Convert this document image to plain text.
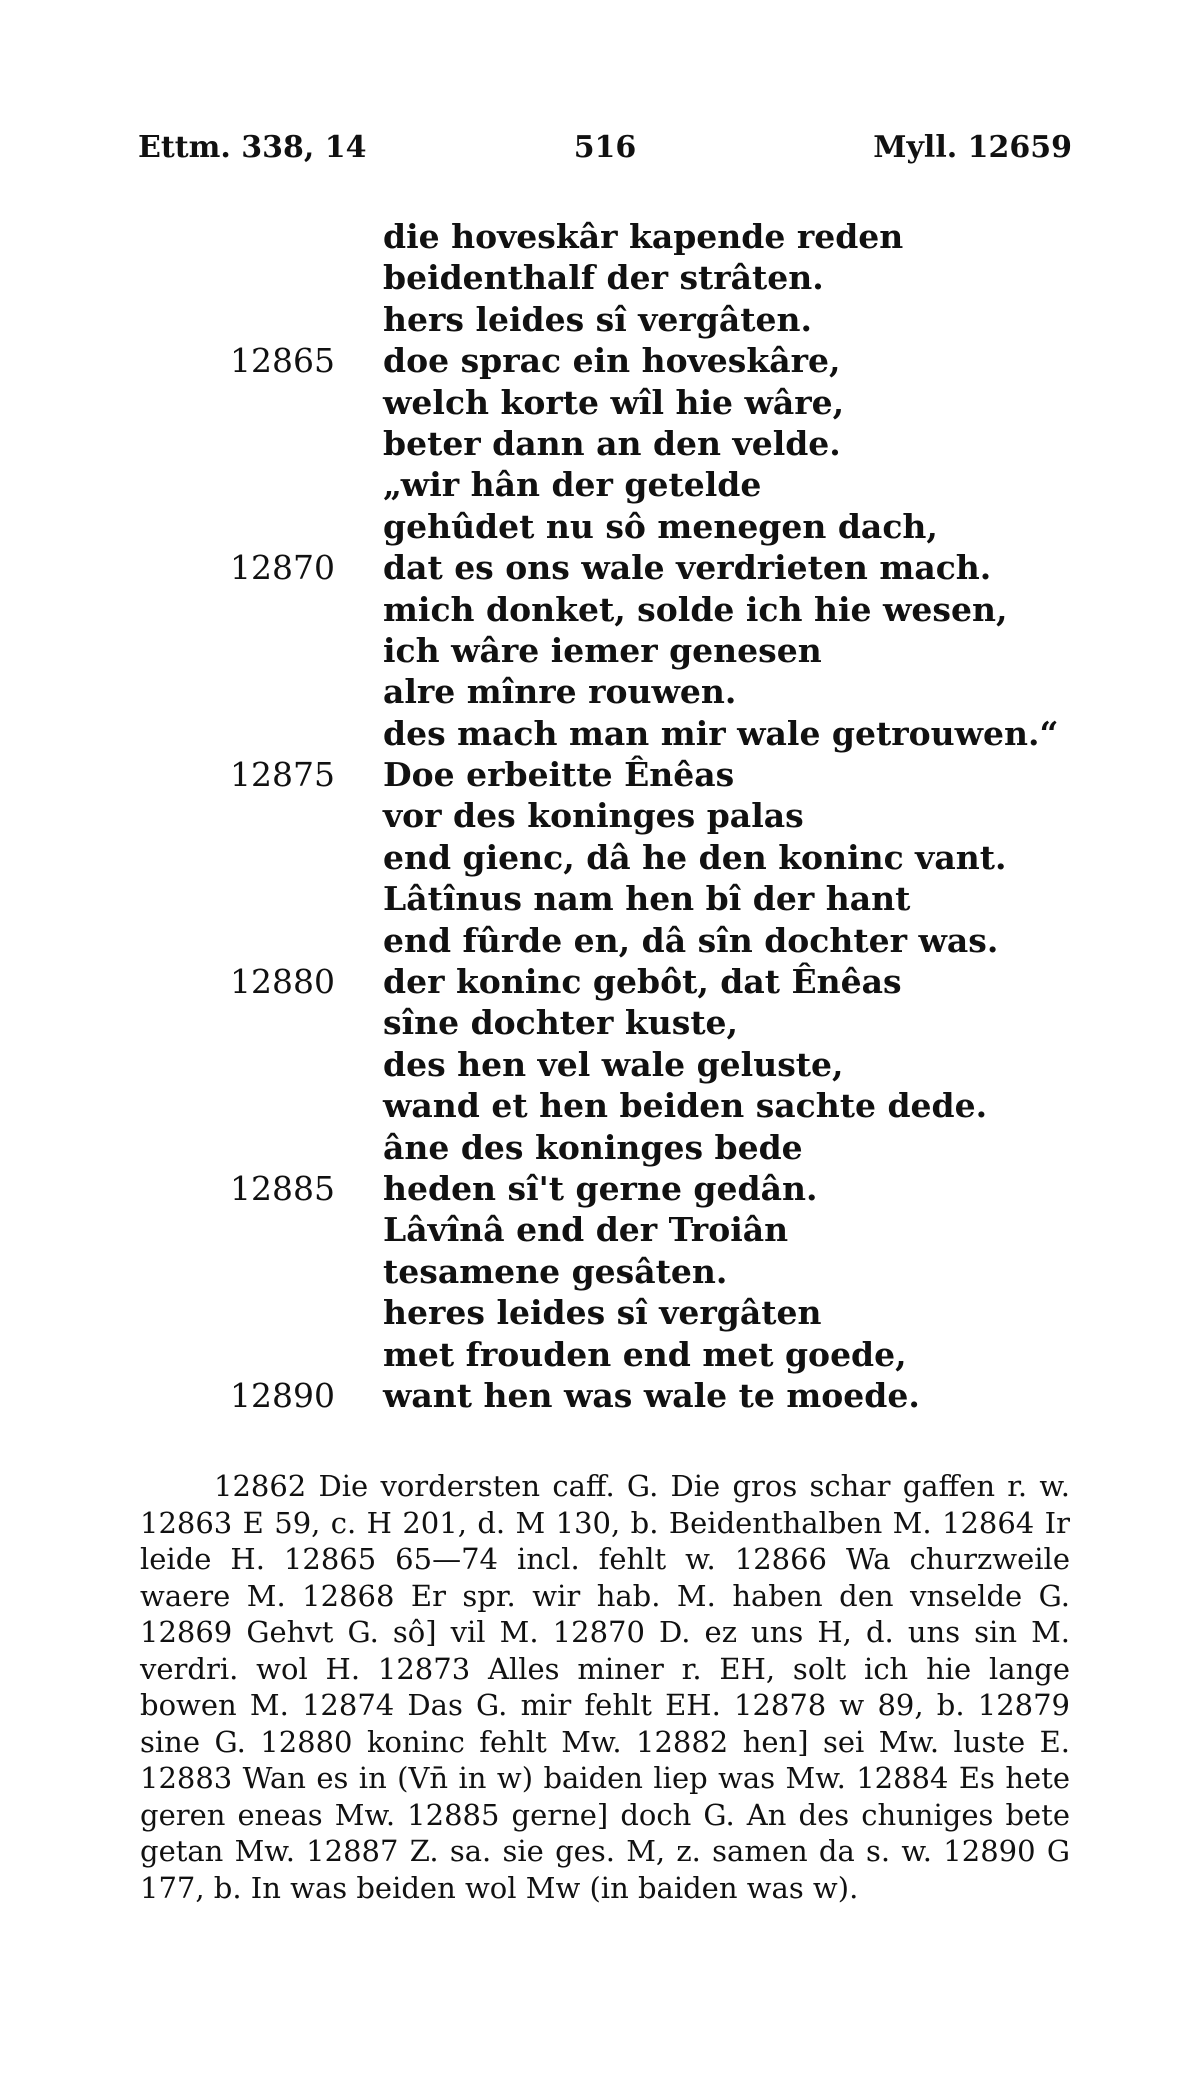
Ettm. 338, 14	516	Myll. 12659
die hoveskâr kapende reden
beidenthalf der strâten.
hers leides sî vergâten.
12865	doe sprac ein hoveskâre,
welch korte wîl hie wâre,
beter dann an den velde.
„wir hân der getelde
gehûdet nu sô menegen dach,
12870	dat es ons wale verdrieten mach.
mich donket, solde ich hie wesen,
ich wâre iemer genesen
alre mînre rouwen.
des mach man mir wale getrouwen.“
12875	Doe erbeitte Ênêas
vor des koninges palas
end gienc, dâ he den koninc vant.
Lâtînus nam hen bî der hant
end fûrde en, dâ sîn dochter was.
12880	der koninc gebôt, dat Ênêas
sîne dochter kuste,
des hen vel wale geluste,
wand et hen beiden sachte dede.
âne des koninges bede
12885	heden sî't gerne gedân.
Lâvînâ end der Troiân
tesamene gesâten.
heres leides sî vergâten
met frouden end met goede,
12890	want hen was wale te moede.
12862 Die vordersten caff. G. Die gros schar gaffen r. w. 12863 E 59, c. H 201, d. M 130, b. Beidenthalben M. 12864 Ir leide H. 12865 65—74 incl. fehlt w. 12866 Wa churzweile waere M. 12868 Er spr. wir hab. M. haben den vnselde G. 12869 Gehvt G. sô] vil M. 12870 D. ez uns H, d. uns sin M. verdri. wol H. 12873 Alles miner r. EH, solt ich hie lange bowen M. 12874 Das G. mir fehlt EH. 12878 w 89, b. 12879 sine G. 12880 koninc fehlt Mw. 12882 hen] sei Mw. luste E. 12883 Wan es in (Vn̄ in w) baiden liep was Mw. 12884 Es hete geren eneas Mw. 12885 gerne] doch G. An des chuniges bete getan Mw. 12887 Z. sa. sie ges. M, z. samen da s. w. 12890 G 177, b. In was beiden wol Mw (in baiden was w).
